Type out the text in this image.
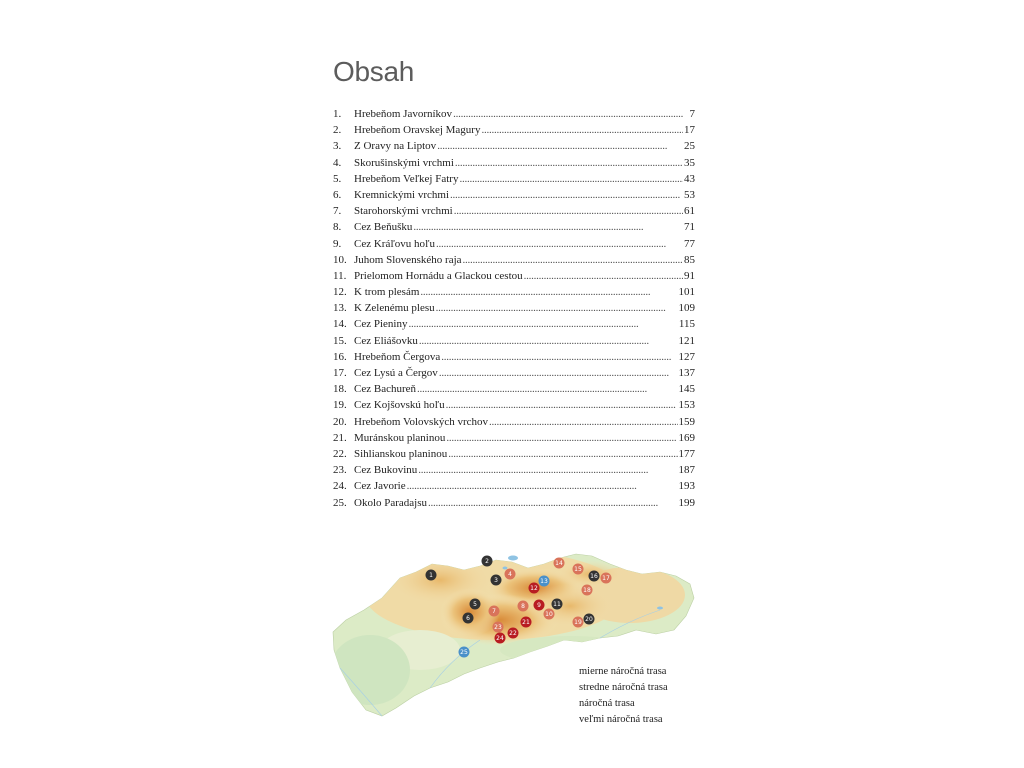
Obsah
1.	Hrebeňom Javorníkov . . .	7
2.	Hrebeňom Oravskej Magury . . .	17
3.	Z Oravy na Liptov . . .	25
4.	Skorušinskými vrchmi . . .	35
5.	Hrebeňom Veľkej Fatry . . .	43
6.	Kremnickými vrchmi . . .	53
7.	Starohorskými vrchmi . . .	61
8.	Cez Beňušku . . .	71
9.	Cez Kráľovu hoľu . . .	77
10. Juhom Slovenského raja . . .	85
11. Prielomom Hornádu a Glackou cestou . . .	91
12. K trom plesám . . .	101
13. K Zelenému plesu . . .	109
14. Cez Pieniny . . .	115
15. Cez Eliášovku . . .	121
16. Hrebeňom Čergova . . .	127
17. Cez Lysú a Čergov . . .	137
18. Cez Bachureň . . .	145
19. Cez Kojšovskú hoľu . . .	153
20. Hrebeňom Volovských vrchov . . .	159
21. Muránskou planinou . . .	169
22. Sihlianskou planinou . . .	177
23. Cez Bukovinu . . .	187
24. Cez Javorie . . .	193
25. Okolo Paradajsu . . .	199
1
2
3
4
5
6
7
8 9
10
11
12
13
14
15
16 17
18
19 20
21
22
23
24
25
mierne náročná trasa
stredne náročná trasa
náročná trasa
veľmi náročná trasa
